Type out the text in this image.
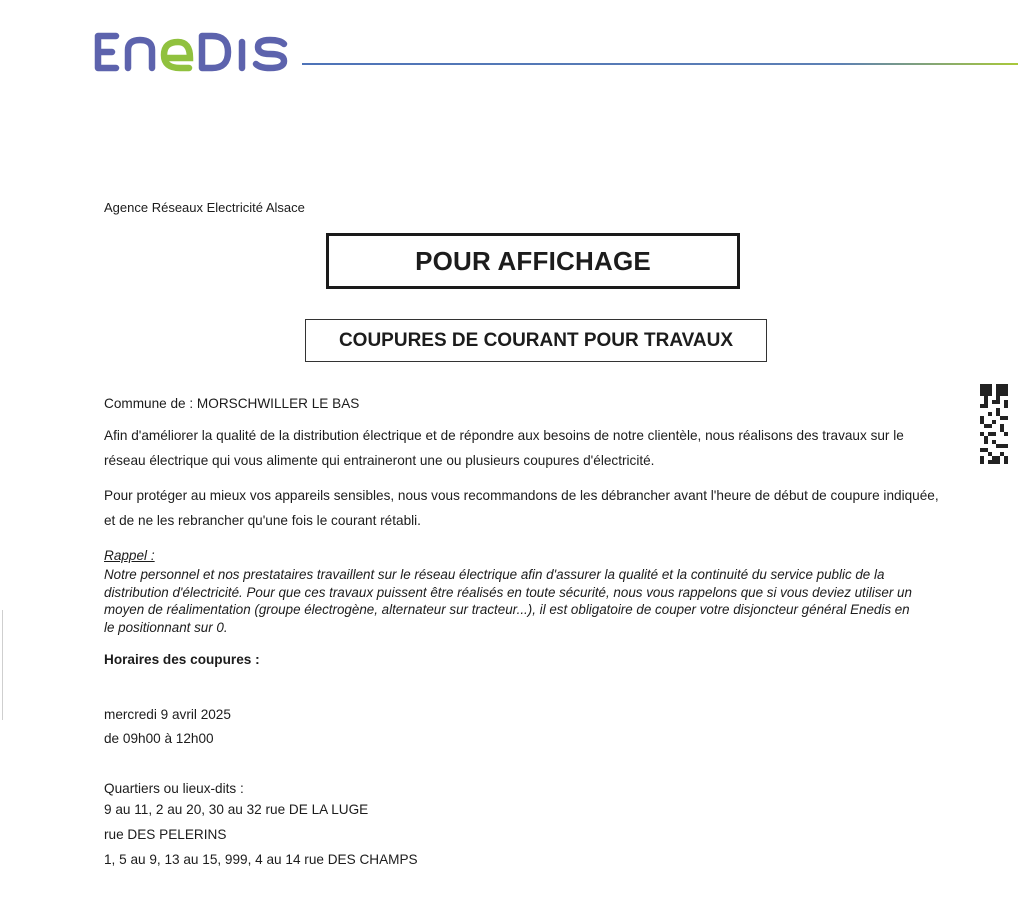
Agence Réseaux Electricité Alsace
POUR AFFICHAGE
COUPURES DE COURANT POUR TRAVAUX
Commune de : MORSCHWILLER LE BAS
Afin d'améliorer la qualité de la distribution électrique et de répondre aux besoins de notre clientèle, nous réalisons des travaux sur le réseau électrique qui vous alimente qui entraineront une ou plusieurs coupures d'électricité.
Pour protéger au mieux vos appareils sensibles, nous vous recommandons de les débrancher avant l'heure de début de coupure indiquée, et de ne les rebrancher qu'une fois le courant rétabli.
Rappel :
Notre personnel et nos prestataires travaillent sur le réseau électrique afin d'assurer la qualité et la continuité du service public de la distribution d'électricité. Pour que ces travaux puissent être réalisés en toute sécurité, nous vous rappelons que si vous deviez utiliser un moyen de réalimentation (groupe électrogène, alternateur sur tracteur...), il est obligatoire de couper votre disjoncteur général Enedis en le positionnant sur 0.
Horaires des coupures :
mercredi 9 avril 2025
de 09h00 à 12h00
Quartiers ou lieux-dits :
9 au 11, 2 au 20, 30 au 32 rue DE LA LUGE
rue DES PELERINS
1, 5 au 9, 13 au 15, 999, 4 au 14 rue DES CHAMPS
